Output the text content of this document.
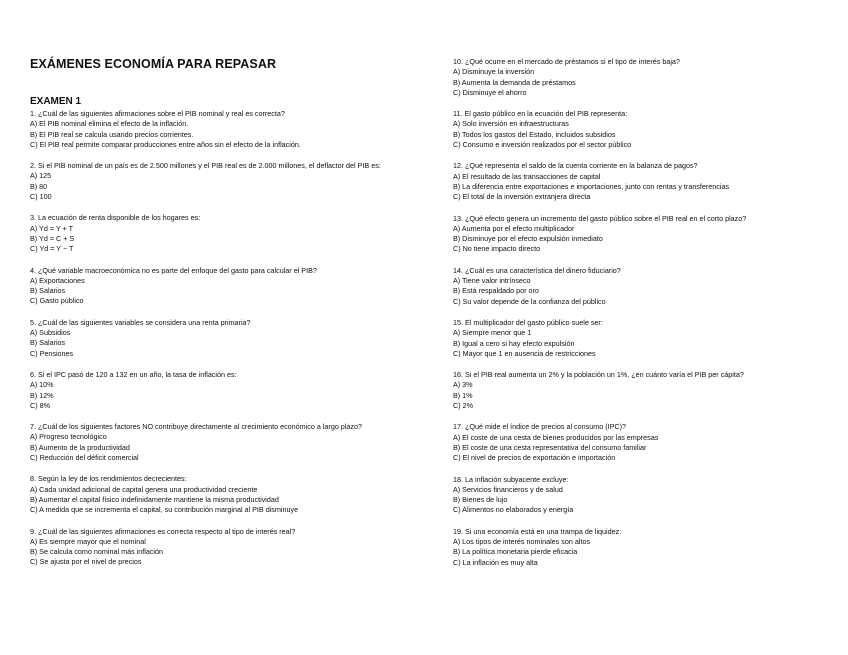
EXÁMENES ECONOMÍA PARA REPASAR
EXAMEN 1

1. ¿Cuál de las siguientes afirmaciones sobre el PIB nominal y real es correcta?

A) El PIB nominal elimina el efecto de la inflación.

B) El PIB real se calcula usando precios corrientes.

C) El PIB real permite comparar producciones entre años sin el efecto de la inflación.

2. Si el PIB nominal de un país es de 2.500 millones y el PIB real es de 2.000 millones, el deflactor del PIB es:

A) 125

B) 80

C) 100

3. La ecuación de renta disponible de los hogares es:

A) Yd = Y + T

B) Yd = C + S

C) Yd = Y − T

4. ¿Qué variable macroeconómica no es parte del enfoque del gasto para calcular el PIB?

A) Exportaciones

B) Salarios

C) Gasto público

5. ¿Cuál de las siguientes variables se considera una renta primaria?

A) Subsidios

B) Salarios

C) Pensiones

6. Si el IPC pasó de 120 a 132 en un año, la tasa de inflación es:

A) 10%

B) 12%

C) 8%

7. ¿Cuál de los siguientes factores NO contribuye directamente al crecimiento económico a largo plazo?

A) Progreso tecnológico

B) Aumento de la productividad

C) Reducción del déficit comercial

8. Según la ley de los rendimientos decrecientes:

A) Cada unidad adicional de capital genera una productividad creciente

B) Aumentar el capital físico indefinidamente mantiene la misma productividad

C) A medida que se incrementa el capital, su contribución marginal al PIB disminuye

9. ¿Cuál de las siguientes afirmaciones es correcta respecto al tipo de interés real?

A) Es siempre mayor que el nominal

B) Se calcula como nominal más inflación

C) Se ajusta por el nivel de precios

10. ¿Qué ocurre en el mercado de préstamos si el tipo de interés baja?

A) Disminuye la inversión

B) Aumenta la demanda de préstamos

C) Disminuye el ahorro

11. El gasto público en la ecuación del PIB representa:

A) Solo inversión en infraestructuras

B) Todos los gastos del Estado, incluidos subsidios

C) Consumo e inversión realizados por el sector público

12. ¿Qué representa el saldo de la cuenta corriente en la balanza de pagos?

A) El resultado de las transacciones de capital

B) La diferencia entre exportaciones e importaciones, junto con rentas y transferencias

C) El total de la inversión extranjera directa

13. ¿Qué efecto genera un incremento del gasto público sobre el PIB real en el corto plazo?

A) Aumenta por el efecto multiplicador

B) Disminuye por el efecto expulsión inmediato

C) No tiene impacto directo

14. ¿Cuál es una característica del dinero fiduciario?

A) Tiene valor intrínseco

B) Está respaldado por oro

C) Su valor depende de la confianza del público

15. El multiplicador del gasto público suele ser:

A) Siempre menor que 1

B) Igual a cero si hay efecto expulsión

C) Mayor que 1 en ausencia de restricciones

16. Si el PIB real aumenta un 2% y la población un 1%, ¿en cuánto varía el PIB per cápita?

A) 3%

B) 1%

C) 2%

17. ¿Qué mide el índice de precios al consumo (IPC)?

A) El coste de una cesta de bienes producidos por las empresas

B) El coste de una cesta representativa del consumo familiar

C) El nivel de precios de exportación e importación

18. La inflación subyacente excluye:

A) Servicios financieros y de salud

B) Bienes de lujo

C) Alimentos no elaborados y energía

19. Si una economía está en una trampa de liquidez:

A) Los tipos de interés nominales son altos

B) La política monetaria pierde eficacia

C) La inflación es muy alta
